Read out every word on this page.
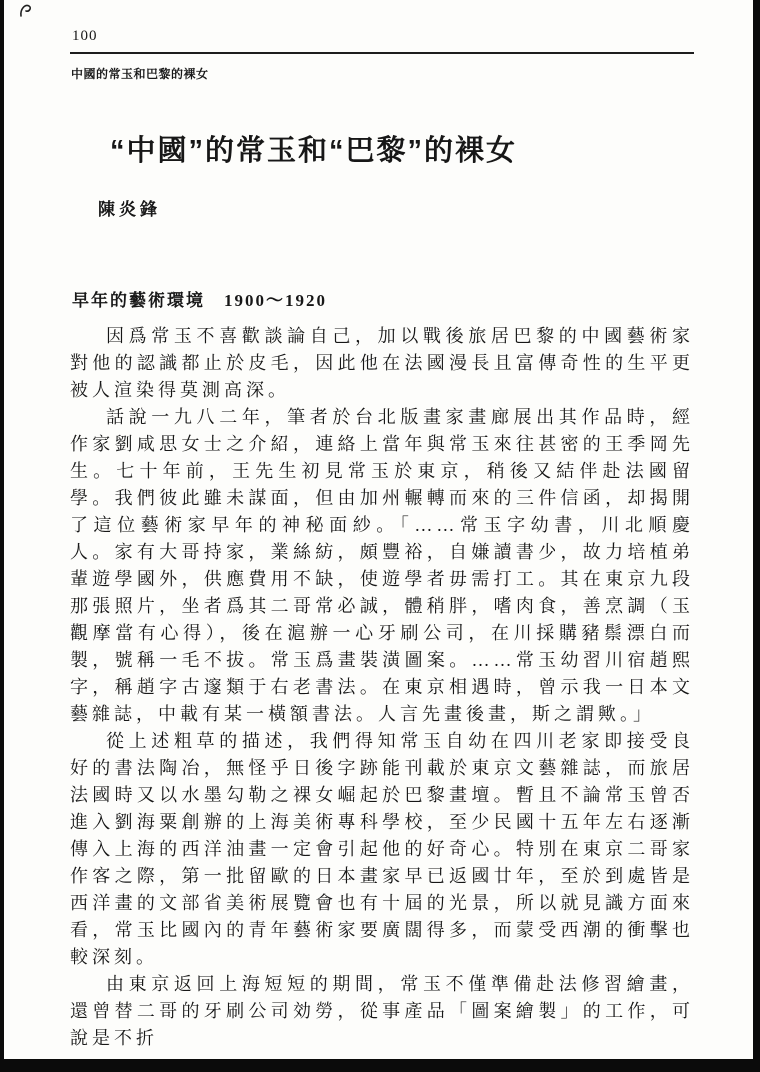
100
中國的常玉和巴黎的裸女
“中國”的常玉和“巴黎”的裸女
陳炎鋒
早年的藝術環境　1900～1920

因爲常玉不喜歡談論自己，加以戰後旅居巴黎的中國藝術家對他的認識都止於皮毛，因此他在法國漫長且富傳奇性的生平更被人渲染得莫測高深。

話說一九八二年，筆者於台北版畫家畫廊展出其作品時，經作家劉咸思女士之介紹，連絡上當年與常玉來往甚密的王季岡先生。七十年前，王先生初見常玉於東京，稍後又結伴赴法國留學。我們彼此雖未謀面，但由加州輾轉而來的三件信函，却揭開了這位藝術家早年的神秘面紗。「……常玉字幼書，川北順慶人。家有大哥持家，業絲紡，頗豐裕，自嫌讀書少，故力培植弟輩遊學國外，供應費用不缺，使遊學者毋需打工。其在東京九段那張照片，坐者爲其二哥常必誠，體稍胖，嗜肉食，善烹調（玉觀摩當有心得），後在滬辦一心牙刷公司，在川採購豬鬃漂白而製，號稱一毛不拔。常玉爲畫裝潢圖案。……常玉幼習川宿趙熙字，稱趙字古邃類于右老書法。在東京相遇時，曾示我一日本文藝雜誌，中載有某一橫額書法。人言先畫後畫，斯之謂歟。」

從上述粗草的描述，我們得知常玉自幼在四川老家即接受良好的書法陶冶，無怪乎日後字跡能刊載於東京文藝雜誌，而旅居法國時又以水墨勾勒之裸女崛起於巴黎畫壇。暫且不論常玉曾否進入劉海粟創辦的上海美術專科學校，至少民國十五年左右逐漸傳入上海的西洋油畫一定會引起他的好奇心。特別在東京二哥家作客之際，第一批留歐的日本畫家早已返國廿年，至於到處皆是西洋畫的文部省美術展覽會也有十屆的光景，所以就見識方面來看，常玉比國內的青年藝術家要廣闊得多，而蒙受西潮的衝擊也較深刻。

由東京返回上海短短的期間，常玉不僅準備赴法修習繪畫，還曾替二哥的牙刷公司効勞，從事產品「圖案繪製」的工作，可說是不折
